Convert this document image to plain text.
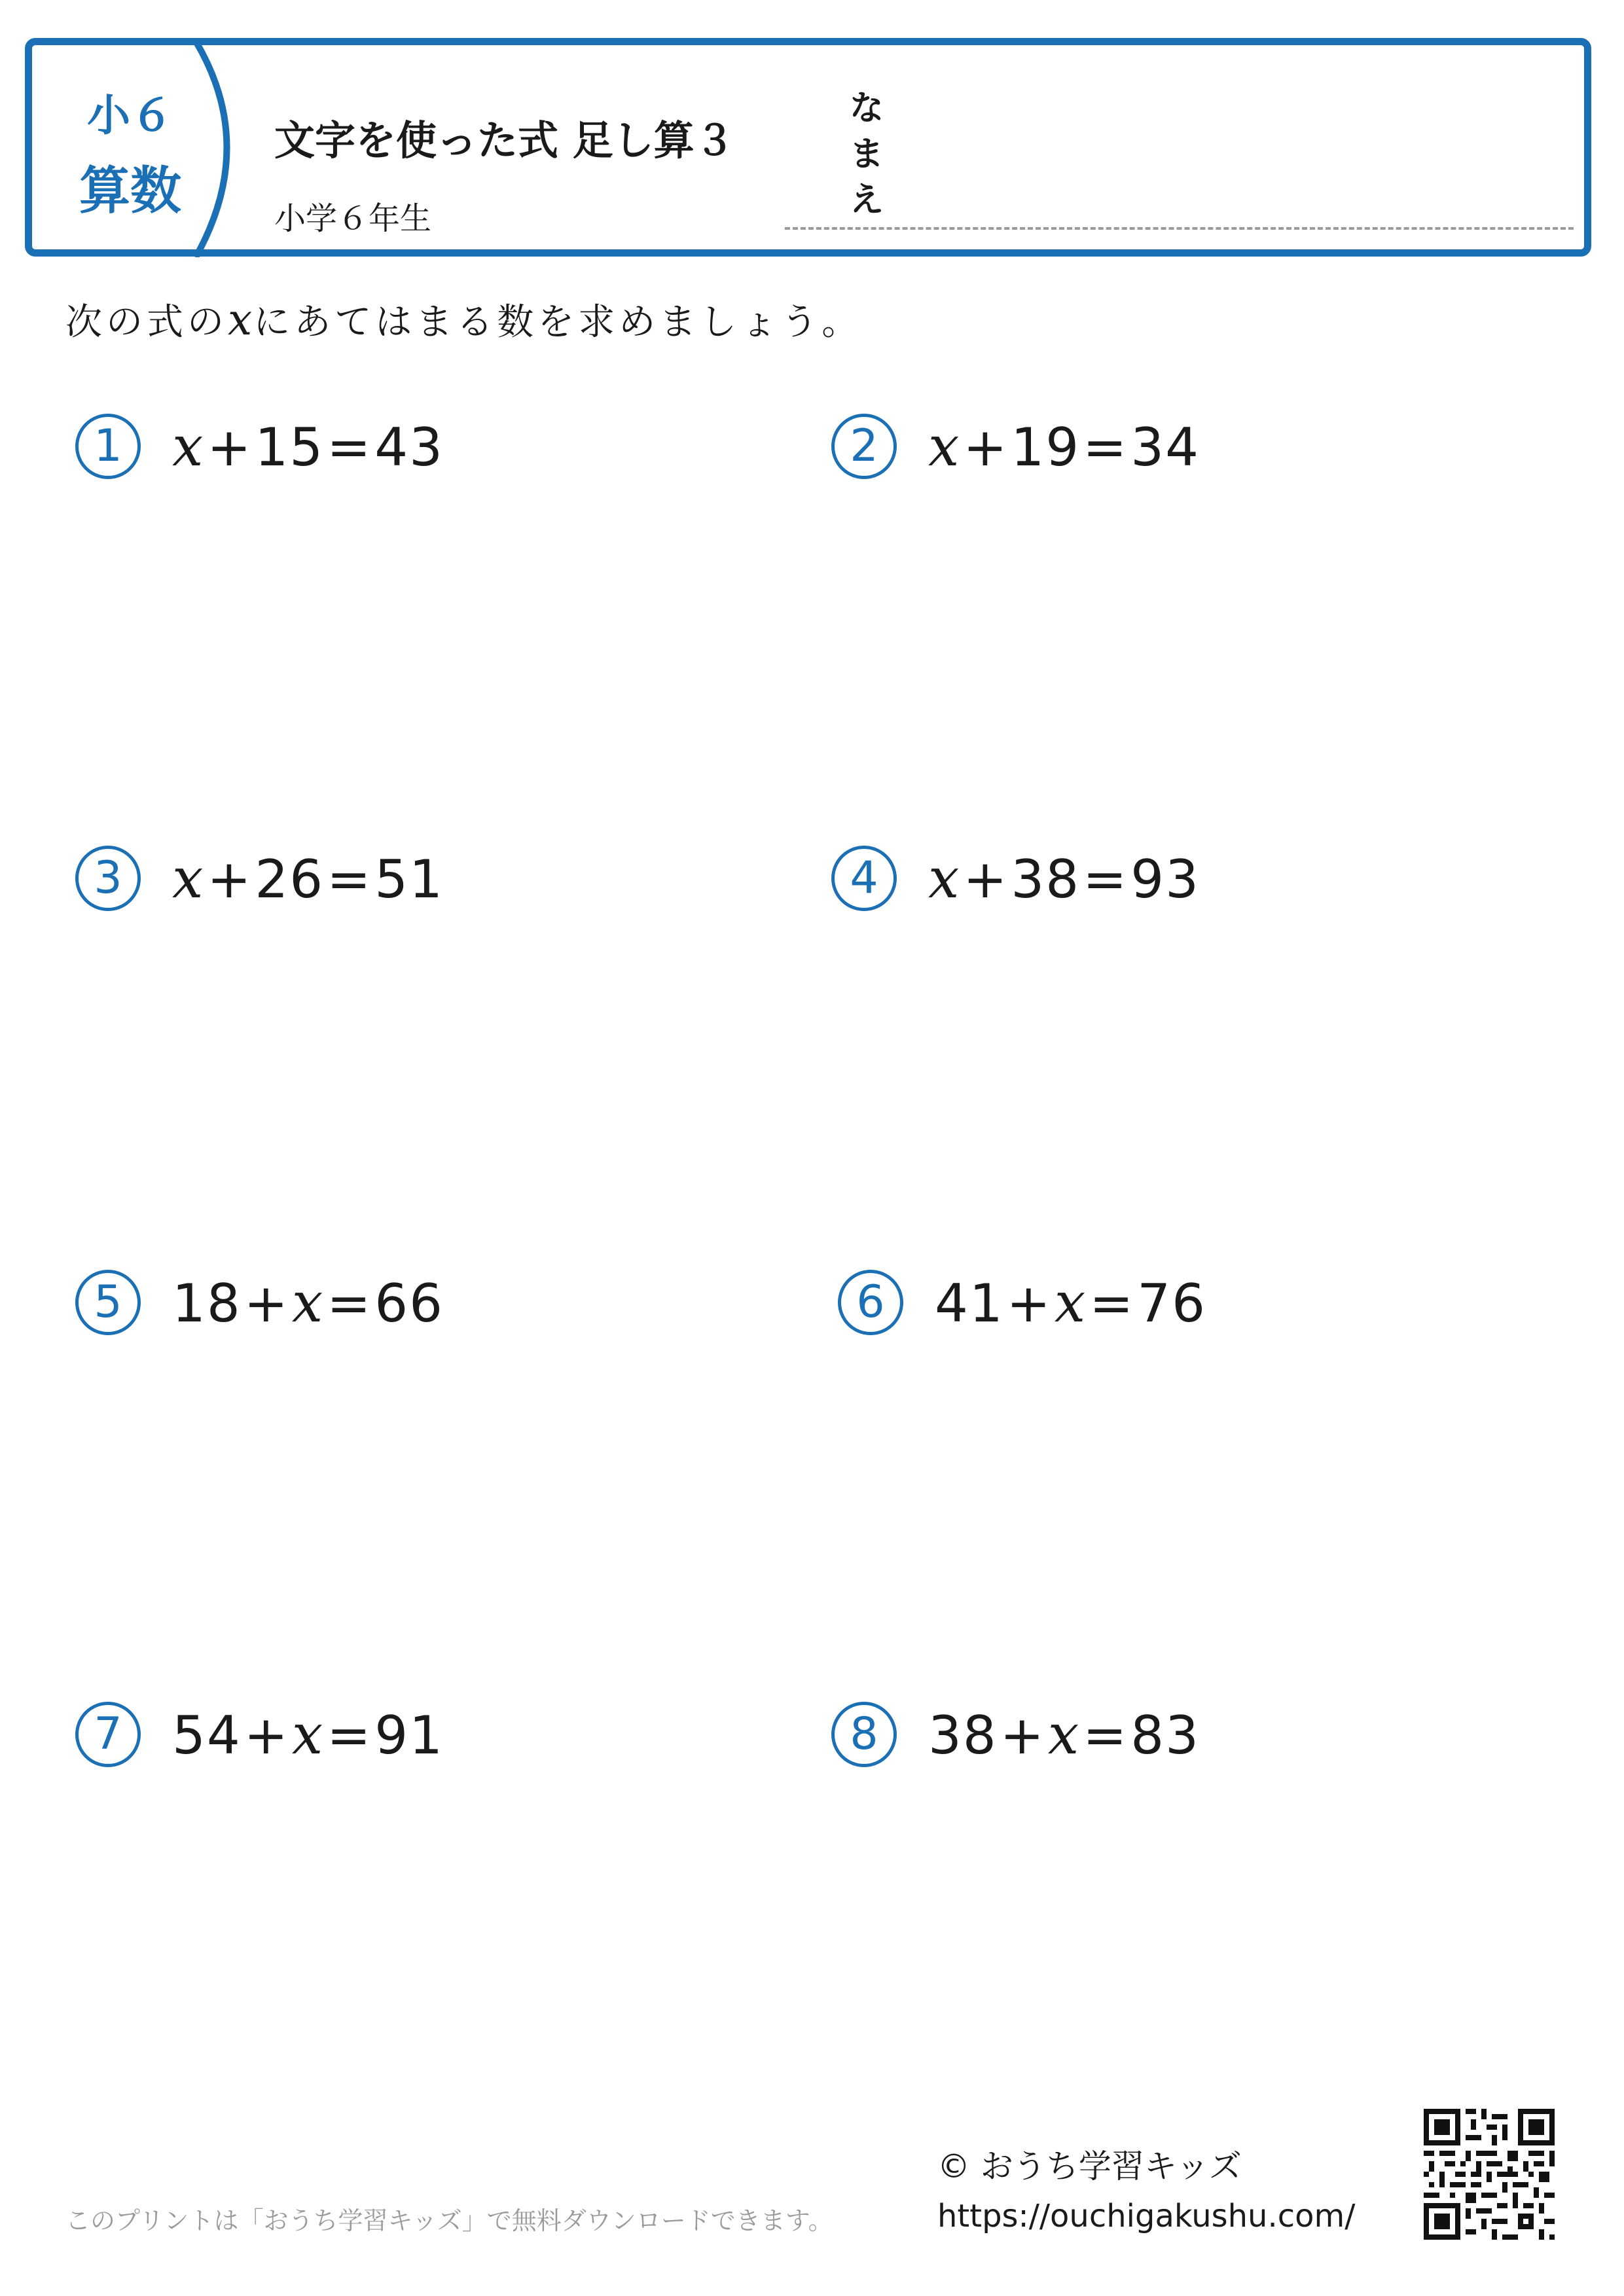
小６
算数
文字を使った式 足し算３
小学６年生
なまえ
次の式のxにあてはまる数を求めましょう。
1 x+15=43	2 x+19=34
3 x+26=51	4 x+38=93
5 18+x=66	6 41+x=76
7 54+x=91	8 38+x=83
このプリントは「おうち学習キッズ」で無料ダウンロードできます。
© おうち学習キッズ
https://ouchigakushu.com/
